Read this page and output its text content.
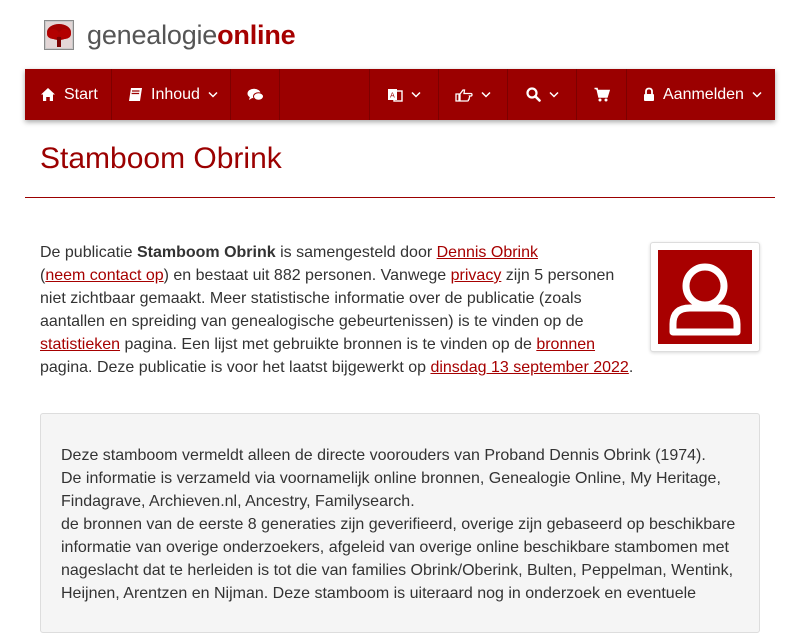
genealogieonline
Start	Inhoud	A	Aanmelden
Stamboom Obrink

De publicatie Stamboom Obrink is samengesteld door Dennis Obrink
(neem contact op) en bestaat uit 882 personen. Vanwege privacy zijn 5 personen niet zichtbaar gemaakt. Meer statistische informatie over de publicatie (zoals aantallen en spreiding van genealogische gebeurtenissen) is te vinden op de statistieken pagina. Een lijst met gebruikte bronnen is te vinden op de bronnen pagina. Deze publicatie is voor het laatst bijgewerkt op dinsdag 13 september 2022.

Deze stamboom vermeldt alleen de directe voorouders van Proband Dennis Obrink (1974).
De informatie is verzameld via voornamelijk online bronnen, Genealogie Online, My Heritage,
Findagrave, Archieven.nl, Ancestry, Familysearch.
de bronnen van de eerste 8 generaties zijn geverifieerd, overige zijn gebaseerd op beschikbare
informatie van overige onderzoekers, afgeleid van overige online beschikbare stambomen met
nageslacht dat te herleiden is tot die van families Obrink/Oberink, Bulten, Peppelman, Wentink,
Heijnen, Arentzen en Nijman. Deze stamboom is uiteraard nog in onderzoek en eventuele
